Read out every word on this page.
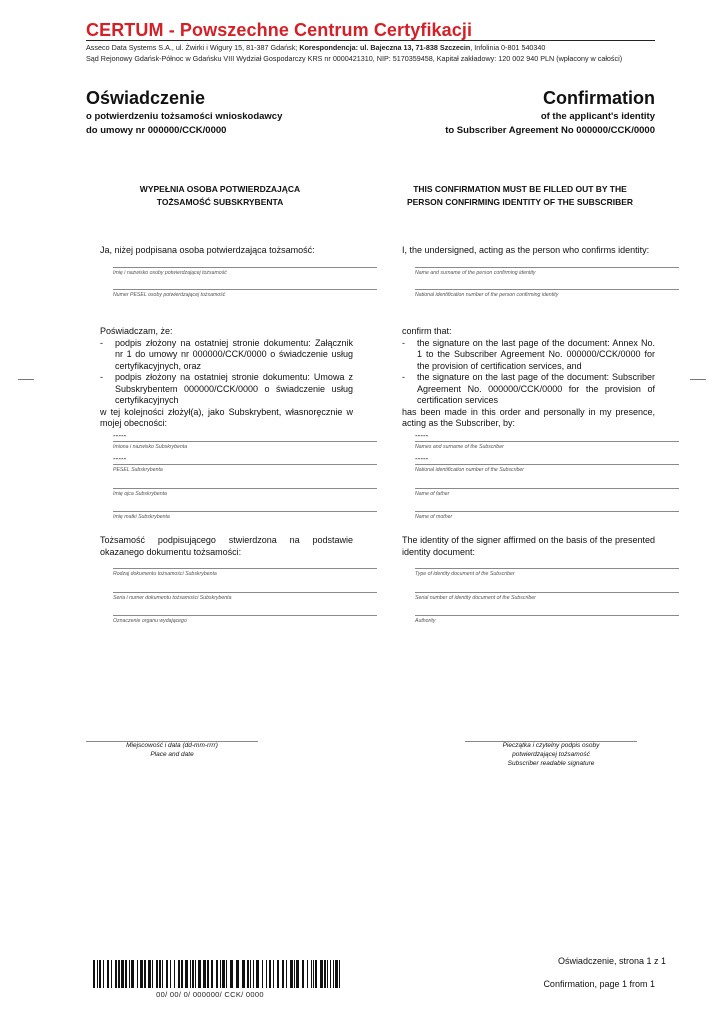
CERTUM - Powszechne Centrum Certyfikacji
Asseco Data Systems S.A., ul. Żwirki i Wigury 15, 81-387 Gdańsk; Korespondencja: ul. Bajeczna 13, 71-838 Szczecin, Infolinia 0-801 540340
Sąd Rejonowy Gdańsk-Północ w Gdańsku VIII Wydział Gospodarczy KRS nr 0000421310, NIP: 5170359458, Kapitał zakładowy: 120 002 940 PLN (wpłacony w całości)
Oświadczenie	Confirmation
o potwierdzeniu tożsamości wnioskodawcy
do umowy nr 000000/CCK/0000
of the applicant's identity
to Subscriber Agreement No 000000/CCK/0000
WYPEŁNIA OSOBA POTWIERDZAJĄCA
TOŻSAMOŚĆ SUBSKRYBENTA
THIS CONFIRMATION MUST BE FILLED OUT BY THE
PERSON CONFIRMING IDENTITY OF THE SUBSCRIBER
Ja, niżej podpisana osoba potwierdzająca tożsamość:
Imię i nazwisko osoby potwierdzającej tożsamość
Numer PESEL osoby potwierdzającej tożsamość
Poświadczam, że:
- podpis złożony na ostatniej stronie dokumentu: Załącznik nr 1 do umowy nr 000000/CCK/0000 o świadczenie usług certyfikacyjnych, oraz
- podpis złożony na ostatniej stronie dokumentu: Umowa z Subskrybentem 000000/CCK/0000 o świadczenie usług certyfikacyjnych
w tej kolejności złożył(a), jako Subskrybent, własnoręcznie w mojej obecności:
-----
Imiona i nazwisko Subskrybenta
-----
PESEL Subskrybenta
Imię ojca Subskrybenta
Imię matki Subskrybenta
Tożsamość podpisującego stwierdzona na podstawie okazanego dokumentu tożsamości:
Rodzaj dokumentu tożsamości Subskrybenta
Seria i numer dokumentu tożsamości Subskrybenta
Oznaczenie organu wydającego
I, the undersigned, acting as the person who confirms identity:
Name and surname of the person confirming identity
National identification number of the person confirming identity
confirm that:
- the signature on the last page of the document: Annex No. 1 to the Subscriber Agreement No. 000000/CCK/0000 for the provision of certification services, and
- the signature on the last page of the document: Subscriber Agreement No. 000000/CCK/0000 for the provision of certification services
has been made in this order and personally in my presence, acting as the Subscriber, by:
-----
Names and surname of the Subscriber
-----
National identification number of the Subscriber
Name of father
Name of mother
The identity of the signer affirmed on the basis of the presented identity document:
Type of identity document of the Subscriber
Serial number of identity document of the Subscriber
Authority
Miejscowość i data (dd-mm-rrrr)
Place and date
Pieczątka i czytelny podpis osoby
potwierdzającej tożsamość
Subscriber readable signature
00/ 00/ 0/ 000000/ CCK/ 0000
Oświadczenie, strona 1 z 1
Confirmation, page 1 from 1
